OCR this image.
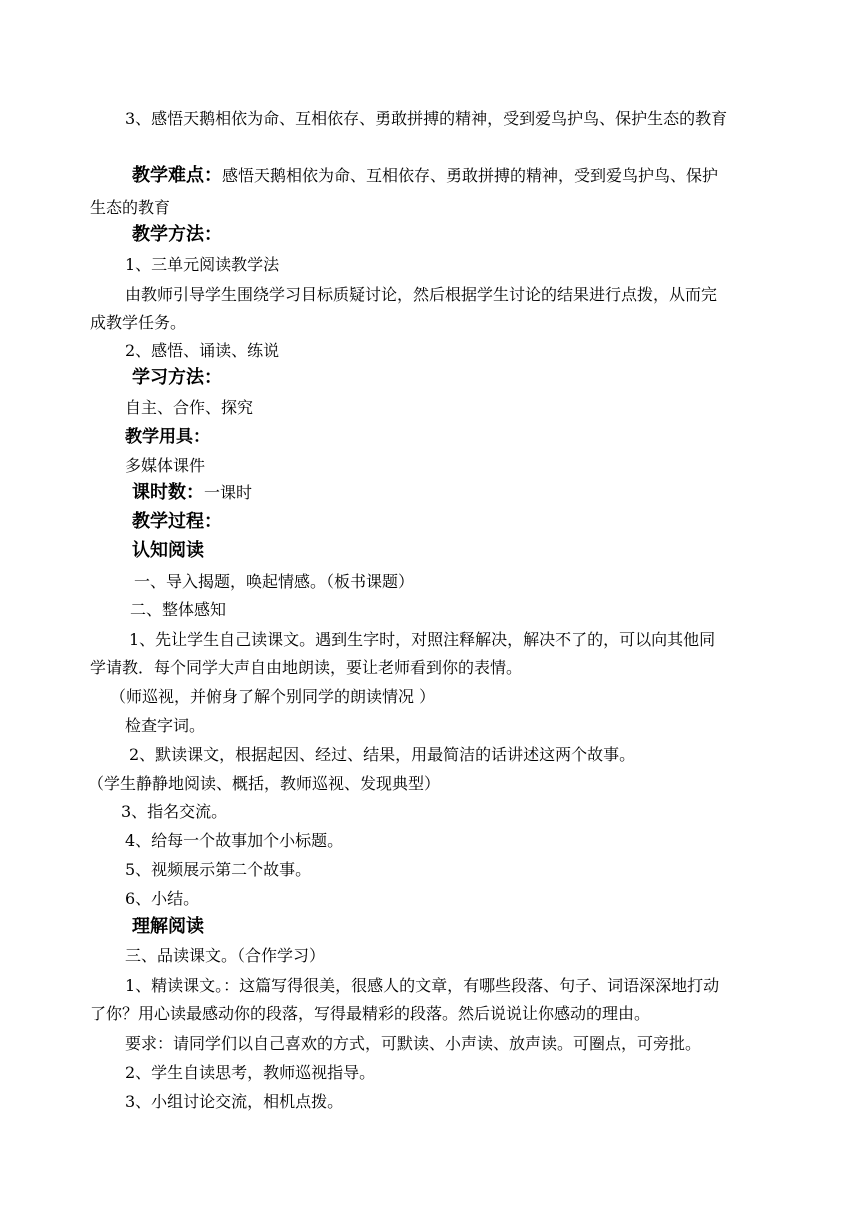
3、感悟天鹅相依为命、互相依存、勇敢拼搏的精神，受到爱鸟护鸟、保护生态的教育
教学难点：感悟天鹅相依为命、互相依存、勇敢拼搏的精神，受到爱鸟护鸟、保护
生态的教育
教学方法：
1、三单元阅读教学法
由教师引导学生围绕学习目标质疑讨论，然后根据学生讨论的结果进行点拨，从而完
成教学任务。
2、感悟、诵读、练说
学习方法：
自主、合作、探究
教学用具：
多媒体课件
课时数：一课时
教学过程：
认知阅读
一、导入揭题，唤起情感。（板书课题）
二、整体感知
1、先让学生自己读课文。遇到生字时，对照注释解决，解决不了的，可以向其他同
学请教．每个同学大声自由地朗读，要让老师看到你的表情。
（师巡视，并俯身了解个别同学的朗读情况 ）
检查字词。
2、默读课文，根据起因、经过、结果，用最简洁的话讲述这两个故事。
（学生静静地阅读、概括，教师巡视、发现典型）
3、指名交流。
4、给每一个故事加个小标题。
5、视频展示第二个故事。
6、小结。
理解阅读
三、品读课文。（合作学习）
1、精读课文。：这篇写得很美，很感人的文章，有哪些段落、句子、词语深深地打动
了你？用心读最感动你的段落，写得最精彩的段落。然后说说让你感动的理由。
要求：请同学们以自己喜欢的方式，可默读、小声读、放声读。可圈点，可旁批。
2、学生自读思考，教师巡视指导。
3、小组讨论交流，相机点拨。
